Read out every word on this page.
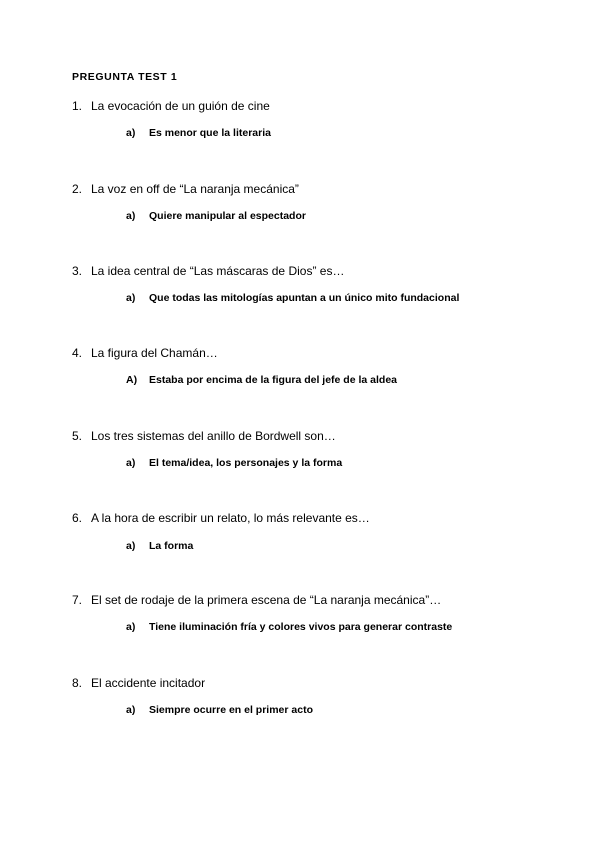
PREGUNTA TEST 1
1. La evocación de un guión de cine
a) Es menor que la literaria
2. La voz en off de “La naranja mecánica”
a) Quiere manipular al espectador
3. La idea central de “Las máscaras de Dios” es…
a) Que todas las mitologías apuntan a un único mito fundacional
4. La figura del Chamán…
A) Estaba por encima de la figura del jefe de la aldea
5. Los tres sistemas del anillo de Bordwell son…
a) El tema/idea, los personajes y la forma
6. A la hora de escribir un relato, lo más relevante es…
a) La forma
7. El set de rodaje de la primera escena de “La naranja mecánica”…
a) Tiene iluminación fría y colores vivos para generar contraste
8. El accidente incitador
a) Siempre ocurre en el primer acto
